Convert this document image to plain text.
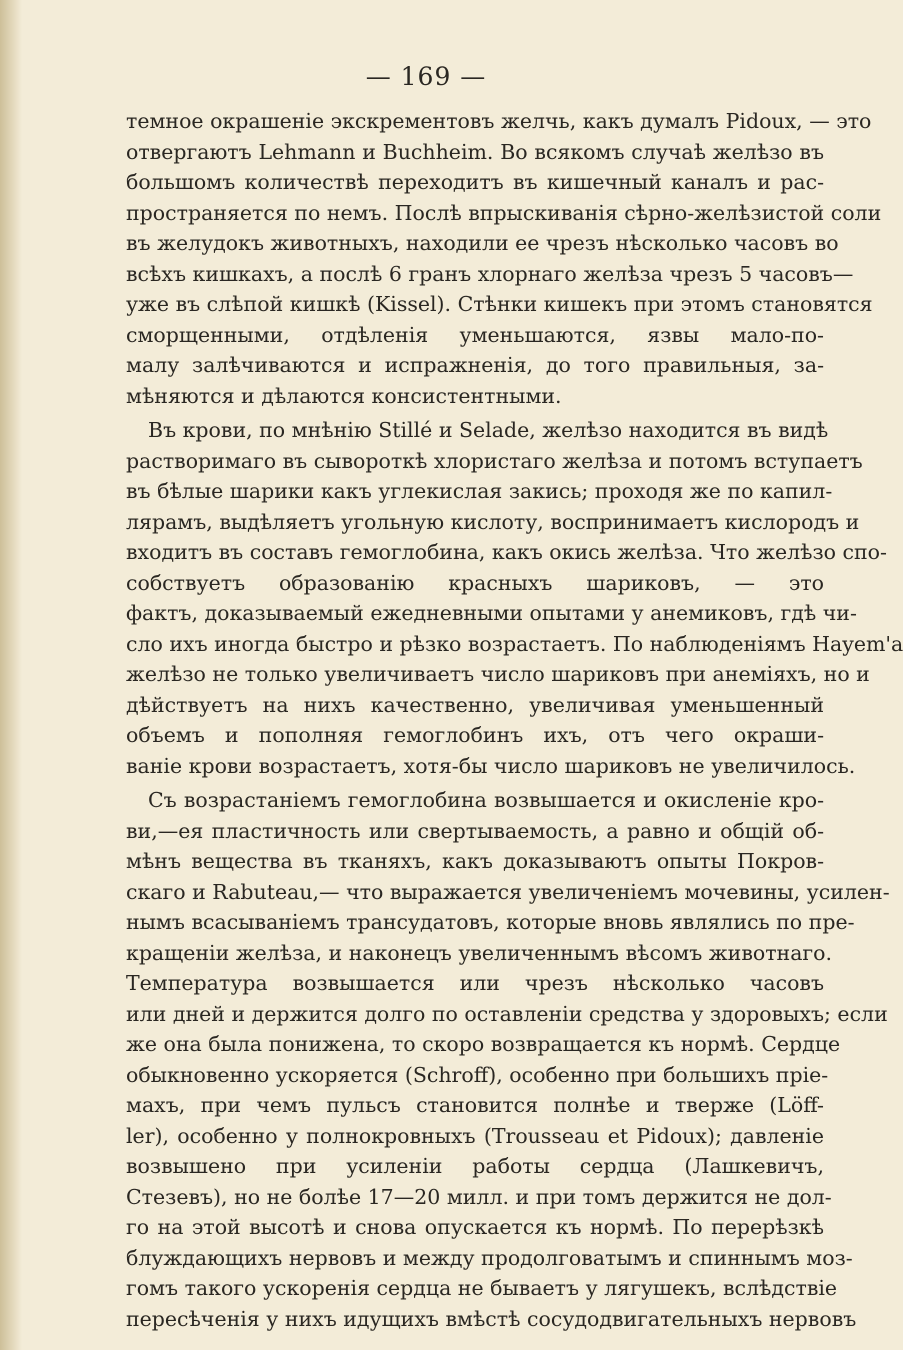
— 169 —
темное окрашеніе экскрементовъ желчь, какъ думалъ Pidoux, — это
отвергаютъ Lehmann и Buchheim. Во всякомъ случаѣ желѣзо въ
большомъ количествѣ переходитъ въ кишечный каналъ и рас-
пространяется по немъ. Послѣ впрыскиванія сѣрно-желѣзистой соли
въ желудокъ животныхъ, находили ее чрезъ нѣсколько часовъ во
всѣхъ кишкахъ, а послѣ 6 гранъ хлорнаго желѣза чрезъ 5 часовъ—
уже въ слѣпой кишкѣ (Kissel). Стѣнки кишекъ при этомъ становятся
сморщенными, отдѣленія уменьшаются, язвы мало-по-
малу залѣчиваются и испражненія, до того правильныя, за-
мѣняются и дѣлаются консистентными.
Въ крови, по мнѣнію Stillé и Selade, желѣзо находится въ видѣ
растворимаго въ сывороткѣ хлористаго желѣза и потомъ вступаетъ
въ бѣлые шарики какъ углекислая закись; проходя же по капил-
лярамъ, выдѣляетъ угольную кислоту, воспринимаетъ кислородъ и
входитъ въ составъ гемоглобина, какъ окись желѣза. Что желѣзо спо-
собствуетъ образованію красныхъ шариковъ, — это
фактъ, доказываемый ежедневными опытами у анемиковъ, гдѣ чи-
сло ихъ иногда быстро и рѣзко возрастаетъ. По наблюденіямъ Hayem'а
желѣзо не только увеличиваетъ число шариковъ при анеміяхъ, но и
дѣйствуетъ на нихъ качественно, увеличивая уменьшенный
объемъ и пополняя гемоглобинъ ихъ, отъ чего окраши-
ваніе крови возрастаетъ, хотя-бы число шариковъ не увеличилось.
Съ возрастаніемъ гемоглобина возвышается и окисленіе кро-
ви,—ея пластичность или свертываемость, а равно и общій об-
мѣнъ вещества въ тканяхъ, какъ доказываютъ опыты Покров-
скаго и Rabuteau,— что выражается увеличеніемъ мочевины, усилен-
нымъ всасываніемъ трансудатовъ, которые вновь являлись по пре-
кращеніи желѣза, и наконецъ увеличеннымъ вѣсомъ животнаго.
Температура возвышается или чрезъ нѣсколько часовъ
или дней и держится долго по оставленіи средства у здоровыхъ; если
же она была понижена, то скоро возвращается къ нормѣ. Сердце
обыкновенно ускоряется (Schroff), особенно при большихъ пріе-
махъ, при чемъ пульсъ становится полнѣе и тверже (Löff-
ler), особенно у полнокровныхъ (Trousseau et Pidoux); давленіе
возвышено при усиленіи работы сердца (Лашкевичъ,
Стезевъ), но не болѣе 17—20 милл. и при томъ держится не дол-
го на этой высотѣ и снова опускается къ нормѣ. По перерѣзкѣ
блуждающихъ нервовъ и между продолговатымъ и спиннымъ моз-
гомъ такого ускоренія сердца не бываетъ у лягушекъ, вслѣдствіе
пересѣченія у нихъ идущихъ вмѣстѣ сосудодвигательныхъ нервовъ
